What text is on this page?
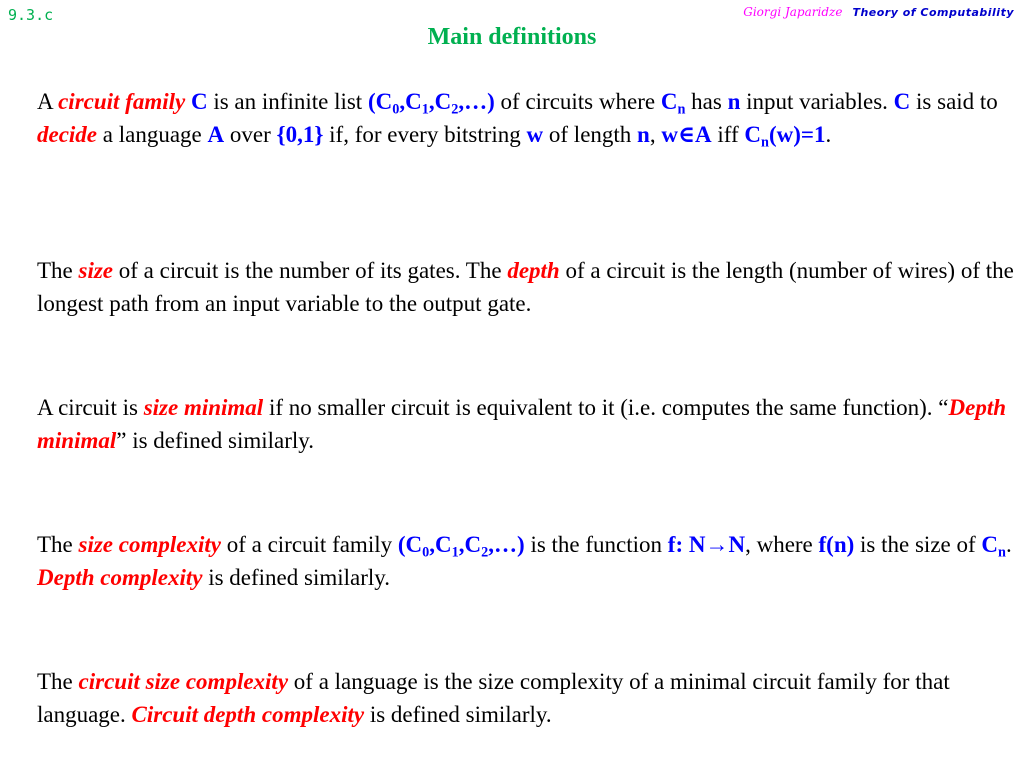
9.3.c	Giorgi Japaridze Theory of Computability
Main definitions
A circuit family C is an infinite list $(C_0,C_1,C_2,\dots)$ of circuits where $C_n$ has n input variables. C is said to decide a language A over {0,1} if, for every bitstring w of length n, w∈A iff $C_n(w)=1$.
The size of a circuit is the number of its gates. The depth of a circuit is the length (number of wires) of the longest path from an input variable to the output gate.
A circuit is size minimal if no smaller circuit is equivalent to it (i.e. computes the same function). “Depth minimal” is defined similarly.
The size complexity of a circuit family $(C_0,C_1,C_2,\dots)$ is the function f: N→N, where f(n) is the size of $C_n$. Depth complexity is defined similarly.
The circuit size complexity of a language is the size complexity of a minimal circuit family for that language. Circuit depth complexity is defined similarly.
